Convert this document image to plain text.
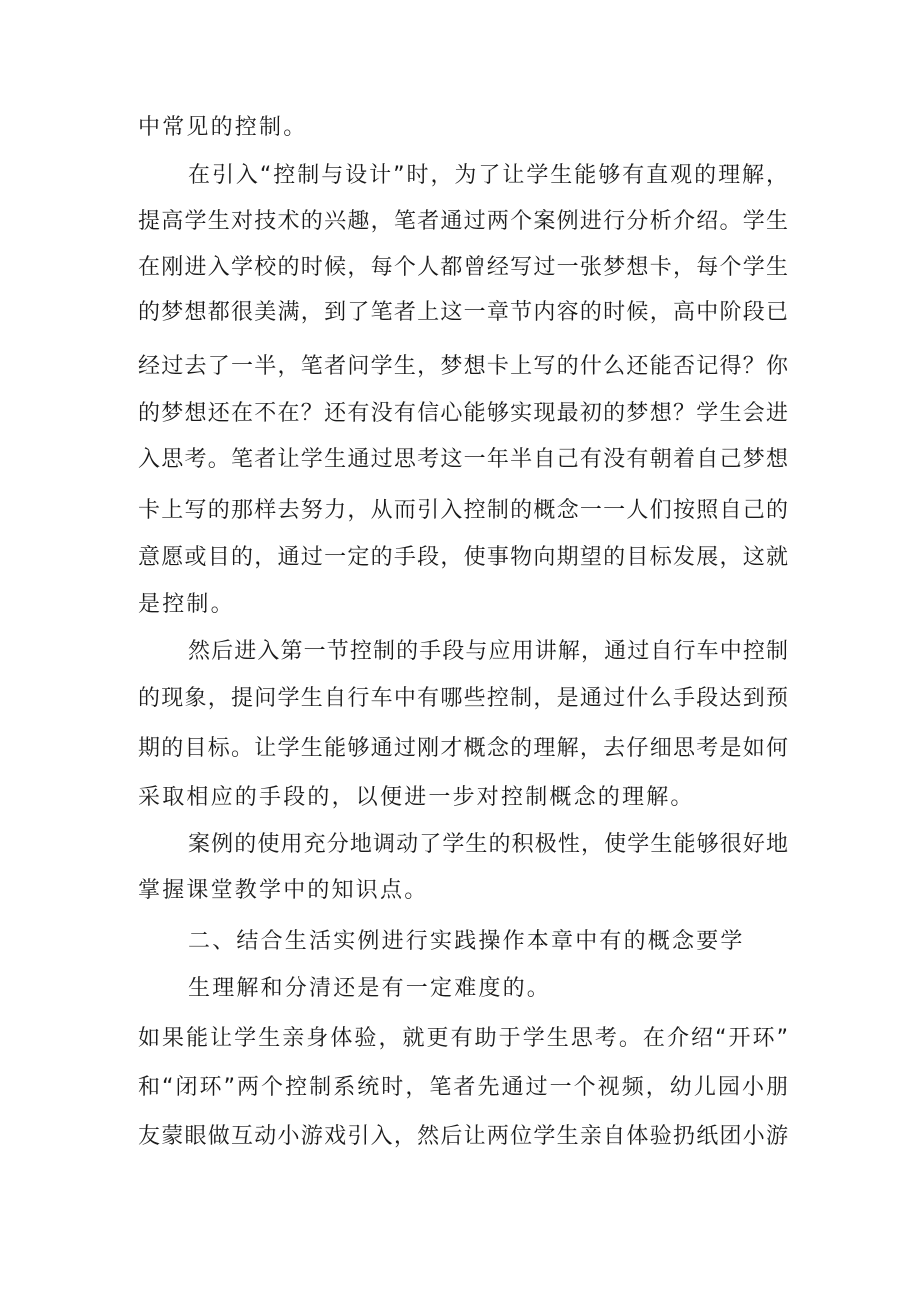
中常见的控制。
在引入“控制与设计”时，为了让学生能够有直观的理解，
提高学生对技术的兴趣，笔者通过两个案例进行分析介绍。学生
在刚进入学校的时候，每个人都曾经写过一张梦想卡，每个学生
的梦想都很美满，到了笔者上这一章节内容的时候，高中阶段已
经过去了一半，笔者问学生，梦想卡上写的什么还能否记得？你
的梦想还在不在？还有没有信心能够实现最初的梦想？学生会进
入思考。笔者让学生通过思考这一年半自己有没有朝着自己梦想
卡上写的那样去努力，从而引入控制的概念一一人们按照自己的
意愿或目的，通过一定的手段，使事物向期望的目标发展，这就
是控制。
然后进入第一节控制的手段与应用讲解，通过自行车中控制
的现象，提问学生自行车中有哪些控制，是通过什么手段达到预
期的目标。让学生能够通过刚才概念的理解，去仔细思考是如何
采取相应的手段的，以便进一步对控制概念的理解。
案例的使用充分地调动了学生的积极性，使学生能够很好地
掌握课堂教学中的知识点。
二、结合生活实例进行实践操作本章中有的概念要学
生理解和分清还是有一定难度的。
如果能让学生亲身体验，就更有助于学生思考。在介绍“开环”
和“闭环”两个控制系统时，笔者先通过一个视频，幼儿园小朋
友蒙眼做互动小游戏引入，然后让两位学生亲自体验扔纸团小游
